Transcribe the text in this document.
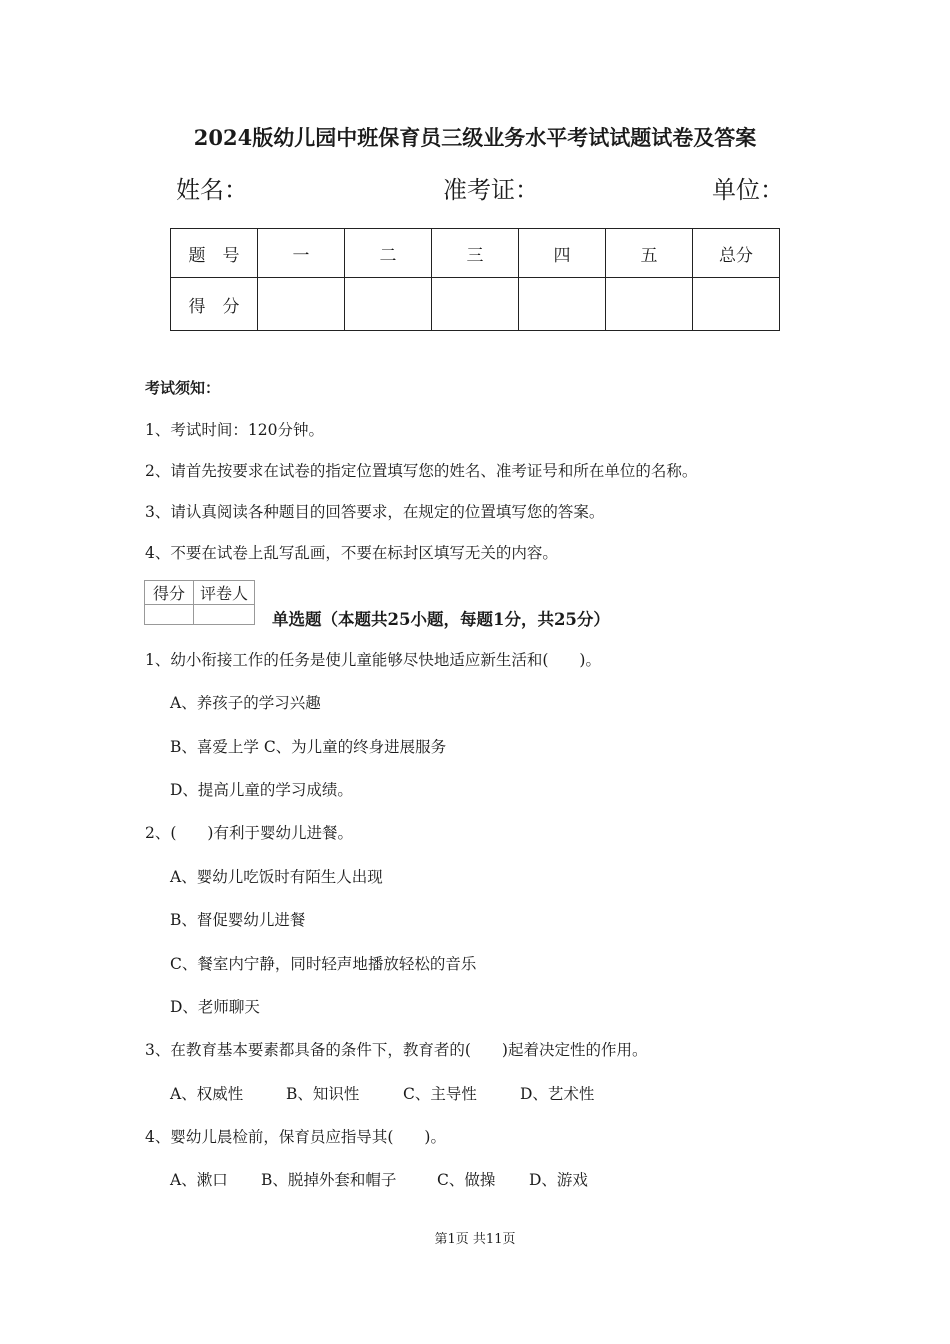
2024版幼儿园中班保育员三级业务水平考试试题试卷及答案
姓名：	准考证：	单位：
题　号	一	二	三	四	五	总分
得　分						
考试须知：
1、考试时间：120分钟。
2、请首先按要求在试卷的指定位置填写您的姓名、准考证号和所在单位的名称。
3、请认真阅读各种题目的回答要求，在规定的位置填写您的答案。
4、不要在试卷上乱写乱画，不要在标封区填写无关的内容。
得分	评卷人

单选题（本题共25小题，每题1分，共25分）
1、幼小衔接工作的任务是使儿童能够尽快地适应新生活和(　　)。
A、养孩子的学习兴趣
B、喜爱上学 C、为儿童的终身进展服务
D、提高儿童的学习成绩。
2、(　　)有利于婴幼儿进餐。
A、婴幼儿吃饭时有陌生人出现
B、督促婴幼儿进餐
C、餐室内宁静，同时轻声地播放轻松的音乐
D、老师聊天
3、在教育基本要素都具备的条件下，教育者的(　　)起着决定性的作用。
A、权威性	B、知识性	C、主导性	D、艺术性
4、婴幼儿晨检前，保育员应指导其(　　)。
A、漱口 B、脱掉外套和帽子	C、做操 D、游戏
第1页 共11页
